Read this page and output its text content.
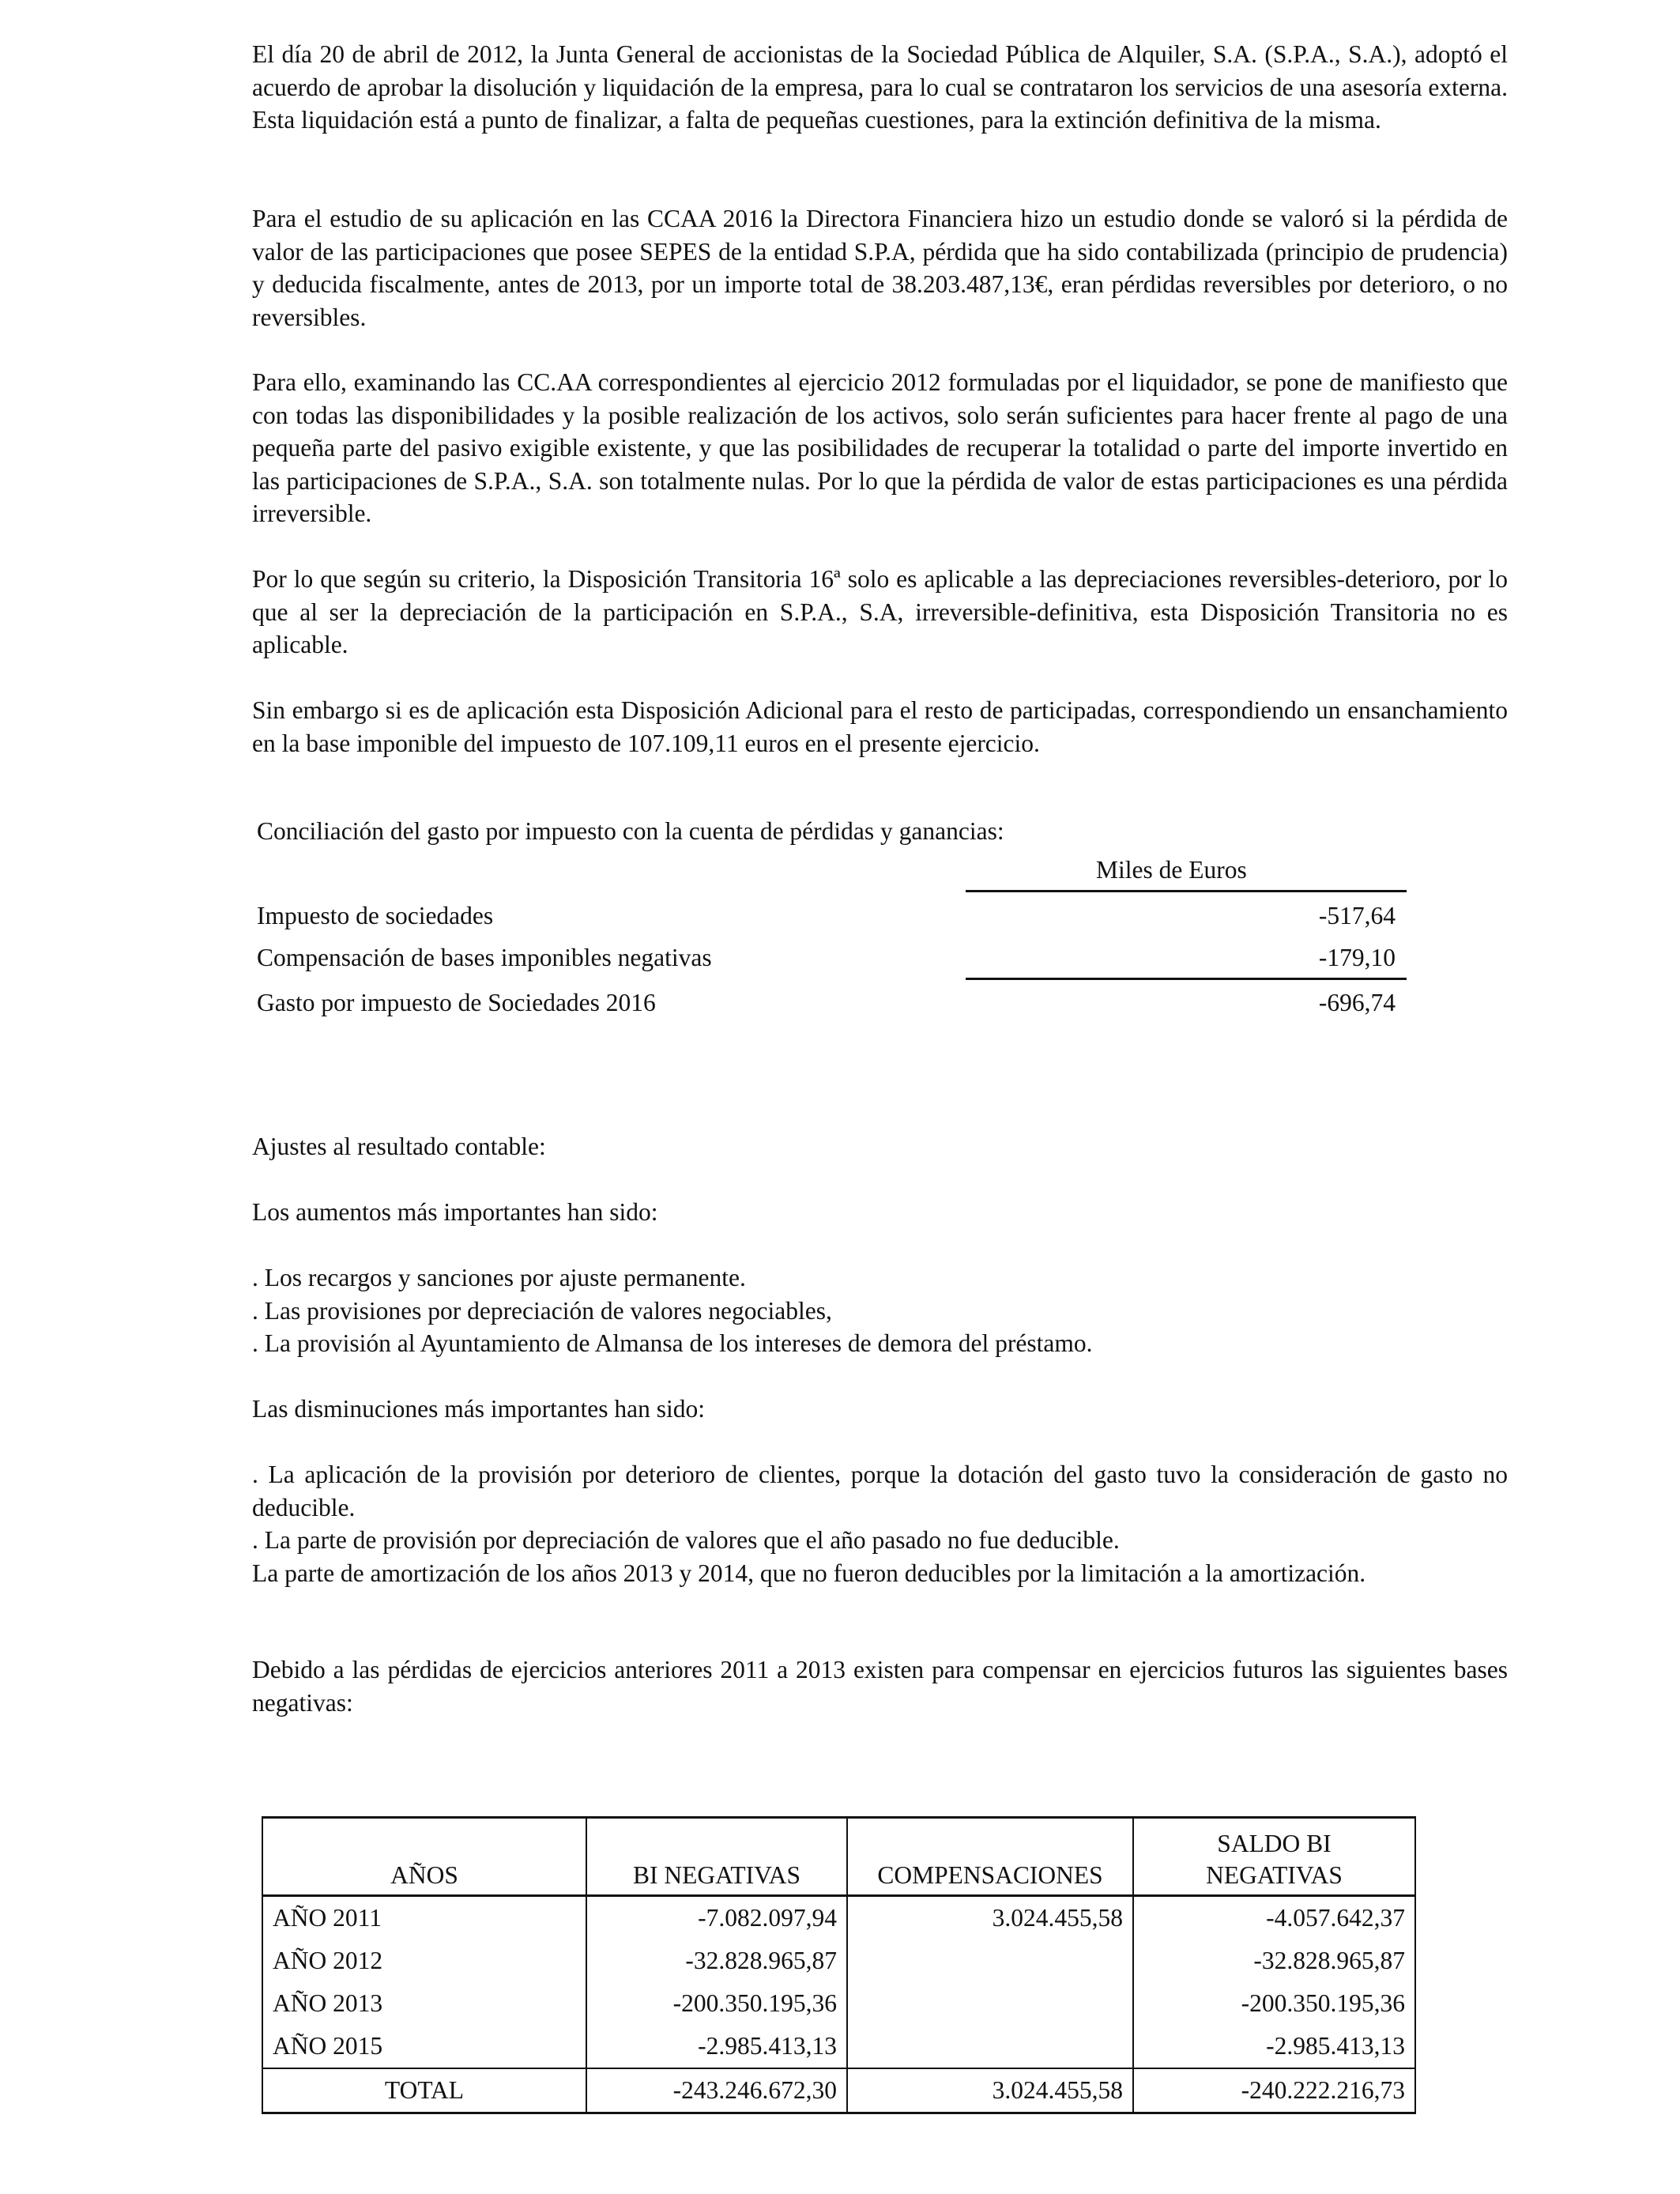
El día 20 de abril de 2012, la Junta General de accionistas de la Sociedad Pública de Alquiler, S.A. (S.P.A., S.A.), adoptó el acuerdo de aprobar la disolución y liquidación de la empresa, para lo cual se contrataron los servicios de una asesoría externa. Esta liquidación está a punto de finalizar, a falta de pequeñas cuestiones, para la extinción definitiva de la misma.

Para el estudio de su aplicación en las CCAA 2016 la Directora Financiera hizo un estudio donde se valoró si la pérdida de valor de las participaciones que posee SEPES de la entidad S.P.A, pérdida que ha sido contabilizada (principio de prudencia) y deducida fiscalmente, antes de 2013, por un importe total de 38.203.487,13€, eran pérdidas reversibles por deterioro, o no reversibles.

Para ello, examinando las CC.AA correspondientes al ejercicio 2012 formuladas por el liquidador, se pone de manifiesto que con todas las disponibilidades y la posible realización de los activos, solo serán suficientes para hacer frente al pago de una pequeña parte del pasivo exigible existente, y que las posibilidades de recuperar la totalidad o parte del importe invertido en las participaciones de S.P.A., S.A. son totalmente nulas. Por lo que la pérdida de valor de estas participaciones es una pérdida irreversible.

Por lo que según su criterio, la Disposición Transitoria 16ª solo es aplicable a las depreciaciones reversibles-deterioro, por lo que al ser la depreciación de la participación en S.P.A., S.A, irreversible-definitiva, esta Disposición Transitoria no es aplicable.

Sin embargo si es de aplicación esta Disposición Adicional para el resto de participadas, correspondiendo un ensanchamiento en la base imponible del impuesto de 107.109,11 euros en el presente ejercicio.

Conciliación del gasto por impuesto con la cuenta de pérdidas y ganancias:
Miles de Euros
Impuesto de sociedades	-517,64
Compensación de bases imponibles negativas	-179,10
Gasto por impuesto de Sociedades 2016	-696,74
Ajustes al resultado contable:
Los aumentos más importantes han sido:
. Los recargos y sanciones por ajuste permanente.
. Las provisiones por depreciación de valores negociables,
. La provisión al Ayuntamiento de Almansa de los intereses de demora del préstamo.
Las disminuciones más importantes han sido:

. La aplicación de la provisión por deterioro de clientes, porque la dotación del gasto tuvo la consideración de gasto no deducible.

. La parte de provisión por depreciación de valores que el año pasado no fue deducible.
La parte de amortización de los años 2013 y 2014, que no fueron deducibles por la limitación a la amortización.

Debido a las pérdidas de ejercicios anteriores 2011 a 2013 existen para compensar en ejercicios futuros las siguientes bases negativas:

AÑOS	BI NEGATIVAS	COMPENSACIONES	SALDO BI
NEGATIVAS

AÑO 2011	-7.082.097,94	3.024.455,58	-4.057.642,37
AÑO 2012	-32.828.965,87		-32.828.965,87
AÑO 2013	-200.350.195,36		-200.350.195,36
AÑO 2015	-2.985.413,13		-2.985.413,13
TOTAL	-243.246.672,30	3.024.455,58	-240.222.216,73
